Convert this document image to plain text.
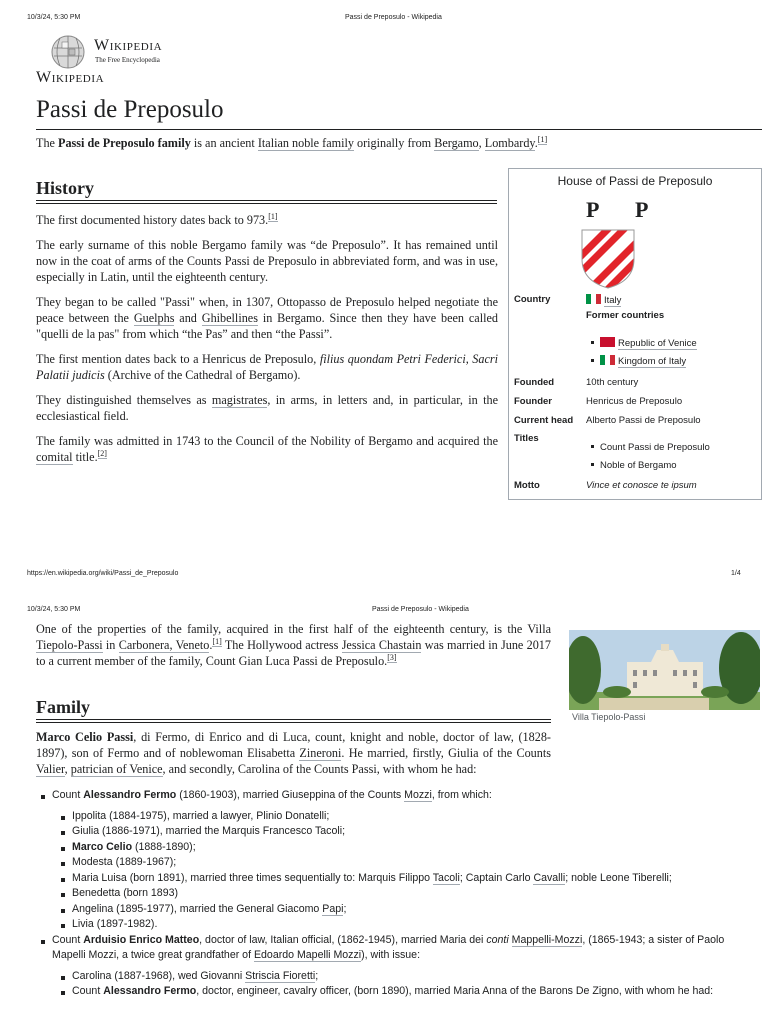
10/3/24, 5:30 PM	Passi de Preposulo - Wikipedia
Wikipedia
The Free Encyclopedia
Wikipedia
Passi de Preposulo

The Passi de Preposulo family is an ancient Italian noble family originally from Bergamo, Lombardy.[1]

History

The first documented history dates back to 973.[1]

The early surname of this noble Bergamo family was “de Preposulo”. It has remained until now in the coat of arms of the Counts Passi de Preposulo in abbreviated form, and was in use, especially in Latin, until the eighteenth century.

They began to be called "Passi" when, in 1307, Ottopasso de Preposulo helped negotiate the peace between the Guelphs and Ghibellines in Bergamo. Since then they have been called "quelli de la pas" from which “the Pas” and then “the Passi”.

The first mention dates back to a Henricus de Preposulo, filius quondam Petri Federici, Sacri Palatii judicis (Archive of the Cathedral of Bergamo).

They distinguished themselves as magistrates, in arms, in letters and, in particular, in the ecclesiastical field.

The family was admitted in 1743 to the Council of the Nobility of Bergamo and acquired the comital title.[2]

House of Passi de Preposulo
P P
Country	Italy
Former countries
Republic of Venice
Kingdom of Italy
Founded	10th century
Founder	Henricus de Preposulo
Current head Alberto Passi de Preposulo
Titles
Count Passi de Preposulo
Noble of Bergamo
Motto	Vince et conosce te ipsum
https://en.wikipedia.org/wiki/Passi_de_Preposulo	1/4
10/3/24, 5:30 PM	Passi de Preposulo - Wikipedia

One of the properties of the family, acquired in the first half of the eighteenth century, is the Villa Tiepolo-Passi in Carbonera, Veneto.[1] The Hollywood actress Jessica Chastain was married in June 2017 to a current member of the family, Count Gian Luca Passi de Preposulo.[3]

Villa Tiepolo-Passi
Family

Marco Celio Passi, di Fermo, di Enrico and di Luca, count, knight and noble, doctor of law, (1828-1897), son of Fermo and of noblewoman Elisabetta Zineroni. He married, firstly, Giulia of the Counts Valier, patrician of Venice, and secondly, Carolina of the Counts Passi, with whom he had:

Count Alessandro Fermo (1860-1903), married Giuseppina of the Counts Mozzi, from which:
Ippolita (1884-1975), married a lawyer, Plinio Donatelli;
Giulia (1886-1971), married the Marquis Francesco Tacoli;
Marco Celio (1888-1890);
Modesta (1889-1967);
Maria Luisa (born 1891), married three times sequentially to: Marquis Filippo Tacoli; Captain Carlo Cavalli; noble Leone Tiberelli;
Benedetta (born 1893)
Angelina (1895-1977), married the General Giacomo Papi;
Livia (1897-1982).
Count Arduisio Enrico Matteo, doctor of law, Italian official, (1862-1945), married Maria dei conti Mappelli-Mozzi, (1865-1943; a sister of Paolo Mapelli Mozzi, a twice great grandfather of Edoardo Mapelli Mozzi), with issue:
Carolina (1887-1968), wed Giovanni Striscia Fioretti;
Count Alessandro Fermo, doctor, engineer, cavalry officer, (born 1890), married Maria Anna of the Barons De Zigno, with whom he had:
